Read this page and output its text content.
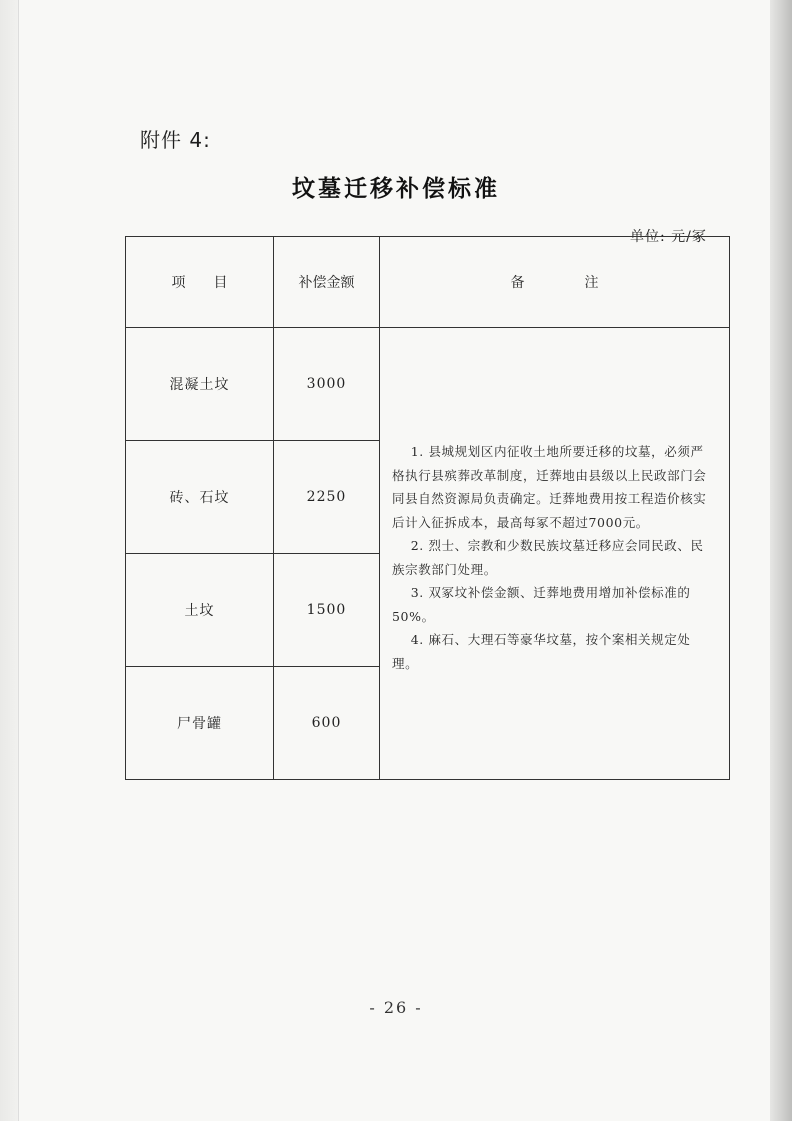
附件 4:
坟墓迁移补偿标准
单位: 元/冢
项目	补偿金额	备注
混凝土坟	3000	1. 县城规划区内征收土地所要迁移的坟墓，必须严格执行县殡葬改革制度，迁葬地由县级以上民政部门会同县自然资源局负责确定。迁葬地费用按工程造价核实后计入征拆成本，最高每冢不超过7000元。

2. 烈士、宗教和少数民族坟墓迁移应会同民政、民族宗教部门处理。

3. 双冢坟补偿金额、迁葬地费用增加补偿标准的 50%。

4. 麻石、大理石等豪华坟墓，按个案相关规定处理。

砖、石坟	2250	
土坟	1500	
尸骨罐	600	
- 26 -
